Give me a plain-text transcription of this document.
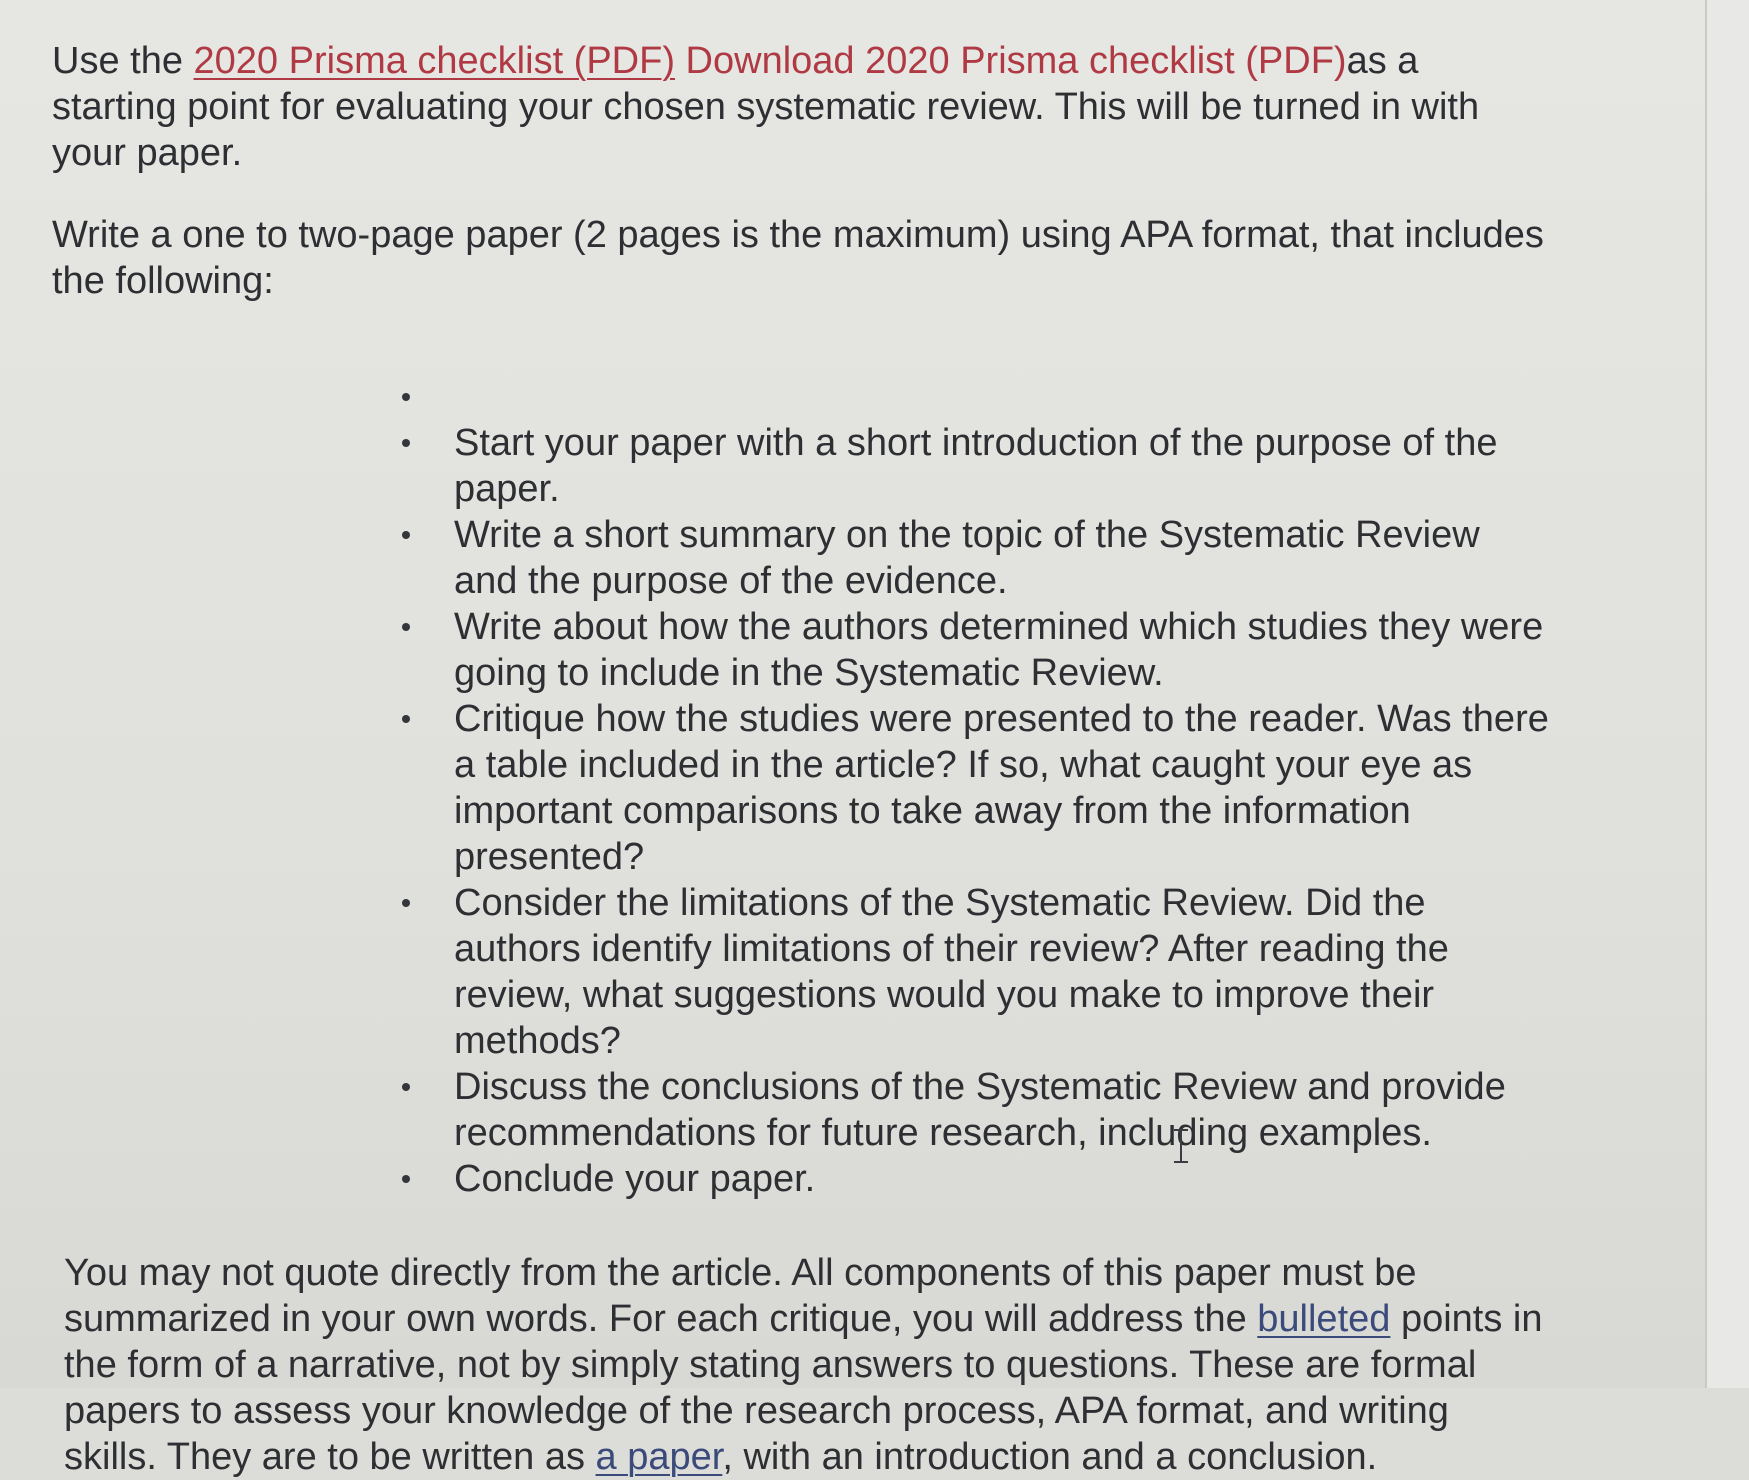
Use the 2020 Prisma checklist (PDF) Download 2020 Prisma checklist (PDF)as a starting point for evaluating your chosen systematic review. This will be turned in with your paper.

Write a one to two-page paper (2 pages is the maximum) using APA format, that includes the following:

Start your paper with a short introduction of the purpose of the paper.
Write a short summary on the topic of the Systematic Review and the purpose of the evidence.
Write about how the authors determined which studies they were going to include in the Systematic Review.
Critique how the studies were presented to the reader. Was there a table included in the article? If so, what caught your eye as important comparisons to take away from the information presented?
Consider the limitations of the Systematic Review. Did the authors identify limitations of their review? After reading the review, what suggestions would you make to improve their methods?
Discuss the conclusions of the Systematic Review and provide recommendations for future research, including examples.
Conclude your paper.

You may not quote directly from the article. All components of this paper must be summarized in your own words. For each critique, you will address the bulleted points in the form of a narrative, not by simply stating answers to questions. These are formal papers to assess your knowledge of the research process, APA format, and writing skills. They are to be written as a paper, with an introduction and a conclusion.
